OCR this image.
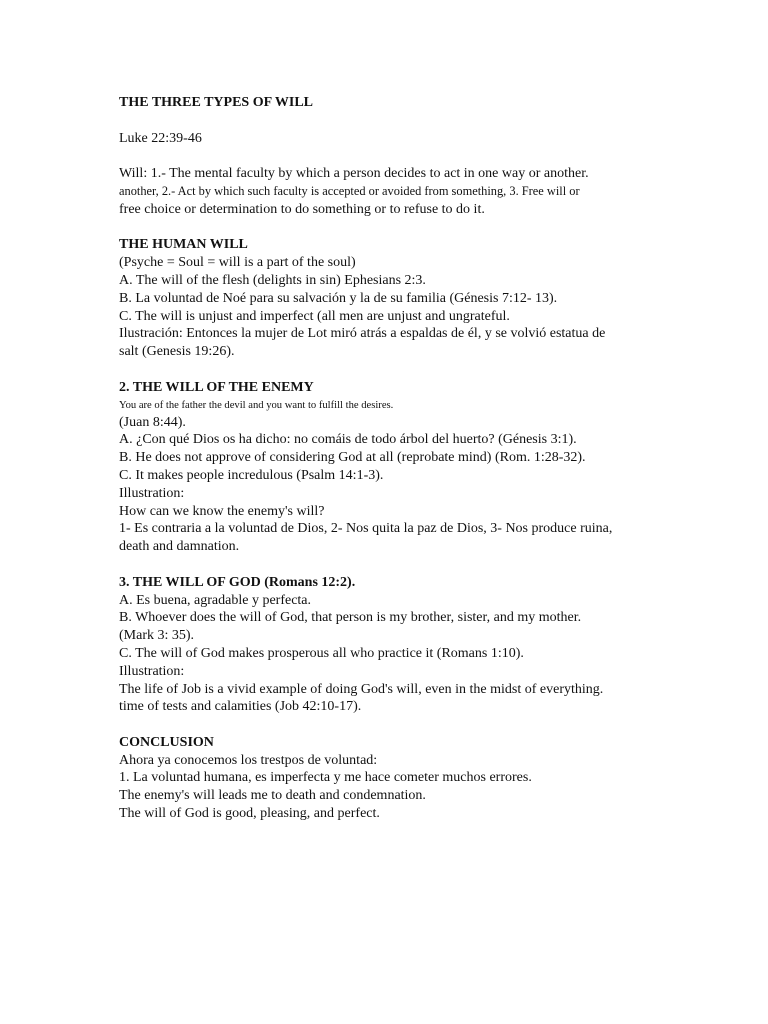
THE THREE TYPES OF WILL
Luke 22:39-46
Will: 1.- The mental faculty by which a person decides to act in one way or another.
another, 2.- Act by which such faculty is accepted or avoided from something, 3. Free will or
free choice or determination to do something or to refuse to do it.
THE HUMAN WILL
(Psyche = Soul = will is a part of the soul)
A. The will of the flesh (delights in sin) Ephesians 2:3.
B. La voluntad de Noé para su salvación y la de su familia (Génesis 7:12- 13).
C. The will is unjust and imperfect (all men are unjust and ungrateful.
Ilustración: Entonces la mujer de Lot miró atrás a espaldas de él, y se volvió estatua de
salt (Genesis 19:26).
2. THE WILL OF THE ENEMY
You are of the father the devil and you want to fulfill the desires.
(Juan 8:44).
A. ¿Con qué Dios os ha dicho: no comáis de todo árbol del huerto? (Génesis 3:1).
B. He does not approve of considering God at all (reprobate mind) (Rom. 1:28-32).
C. It makes people incredulous (Psalm 14:1-3).
Illustration:
How can we know the enemy's will?
1- Es contraria a la voluntad de Dios, 2- Nos quita la paz de Dios, 3- Nos produce ruina,
death and damnation.
3. THE WILL OF GOD (Romans 12:2).
A. Es buena, agradable y perfecta.
B. Whoever does the will of God, that person is my brother, sister, and my mother.
(Mark 3: 35).
C. The will of God makes prosperous all who practice it (Romans 1:10).
Illustration:
The life of Job is a vivid example of doing God's will, even in the midst of everything.
time of tests and calamities (Job 42:10-17).
CONCLUSION
Ahora ya conocemos los trestpos de voluntad:
1. La voluntad humana, es imperfecta y me hace cometer muchos errores.
The enemy's will leads me to death and condemnation.
The will of God is good, pleasing, and perfect.
